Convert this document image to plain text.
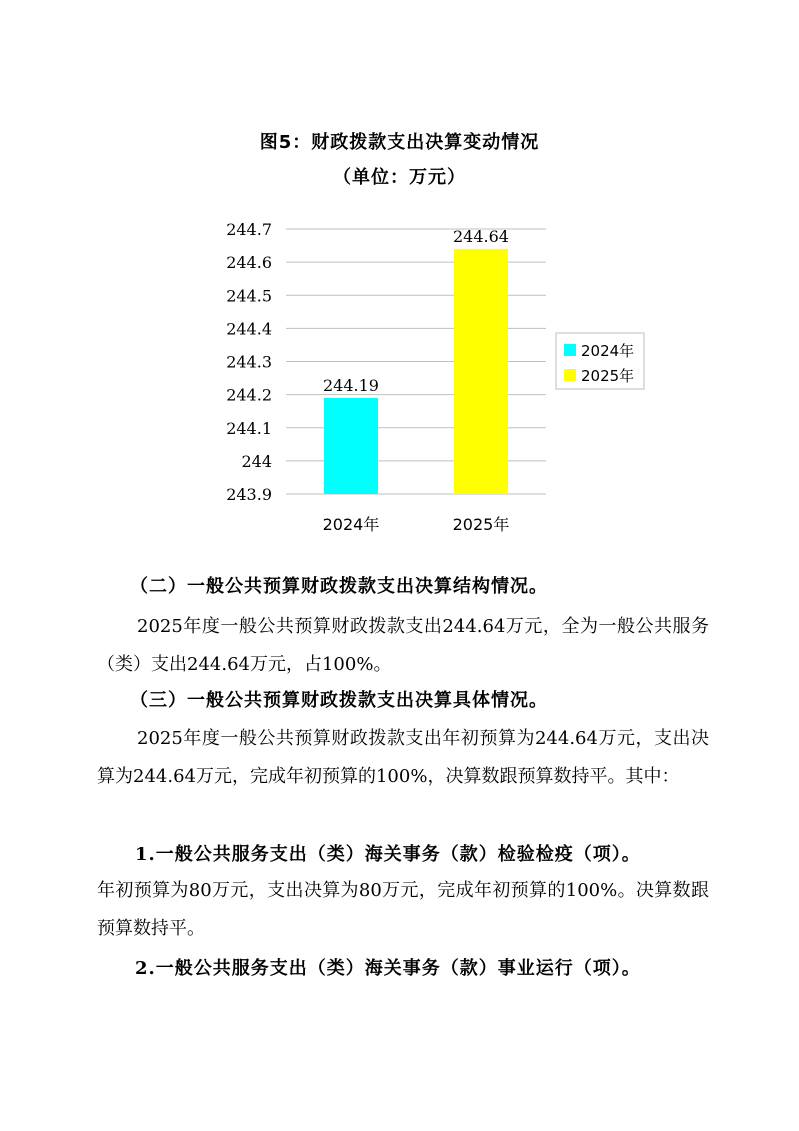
图5：财政拨款支出决算变动情况
（单位：万元）
243.9
244
244.1
244.2
244.3
244.4
244.5
244.6
244.7
244.19
244.64
2024年	2025年
2024年
2025年
（二）一般公共预算财政拨款支出决算结构情况。
2025年度一般公共预算财政拨款支出244.64万元，全为一般公共服务（类）支出244.64万元，占100%。
（三）一般公共预算财政拨款支出决算具体情况。
2025年度一般公共预算财政拨款支出年初预算为244.64万元，支出决算为244.64万元，完成年初预算的100%，决算数跟预算数持平。其中：
1.一般公共服务支出（类）海关事务（款）检验检疫（项）。
年初预算为80万元，支出决算为80万元，完成年初预算的100%。决算数跟预算数持平。
2.一般公共服务支出（类）海关事务（款）事业运行（项）。
